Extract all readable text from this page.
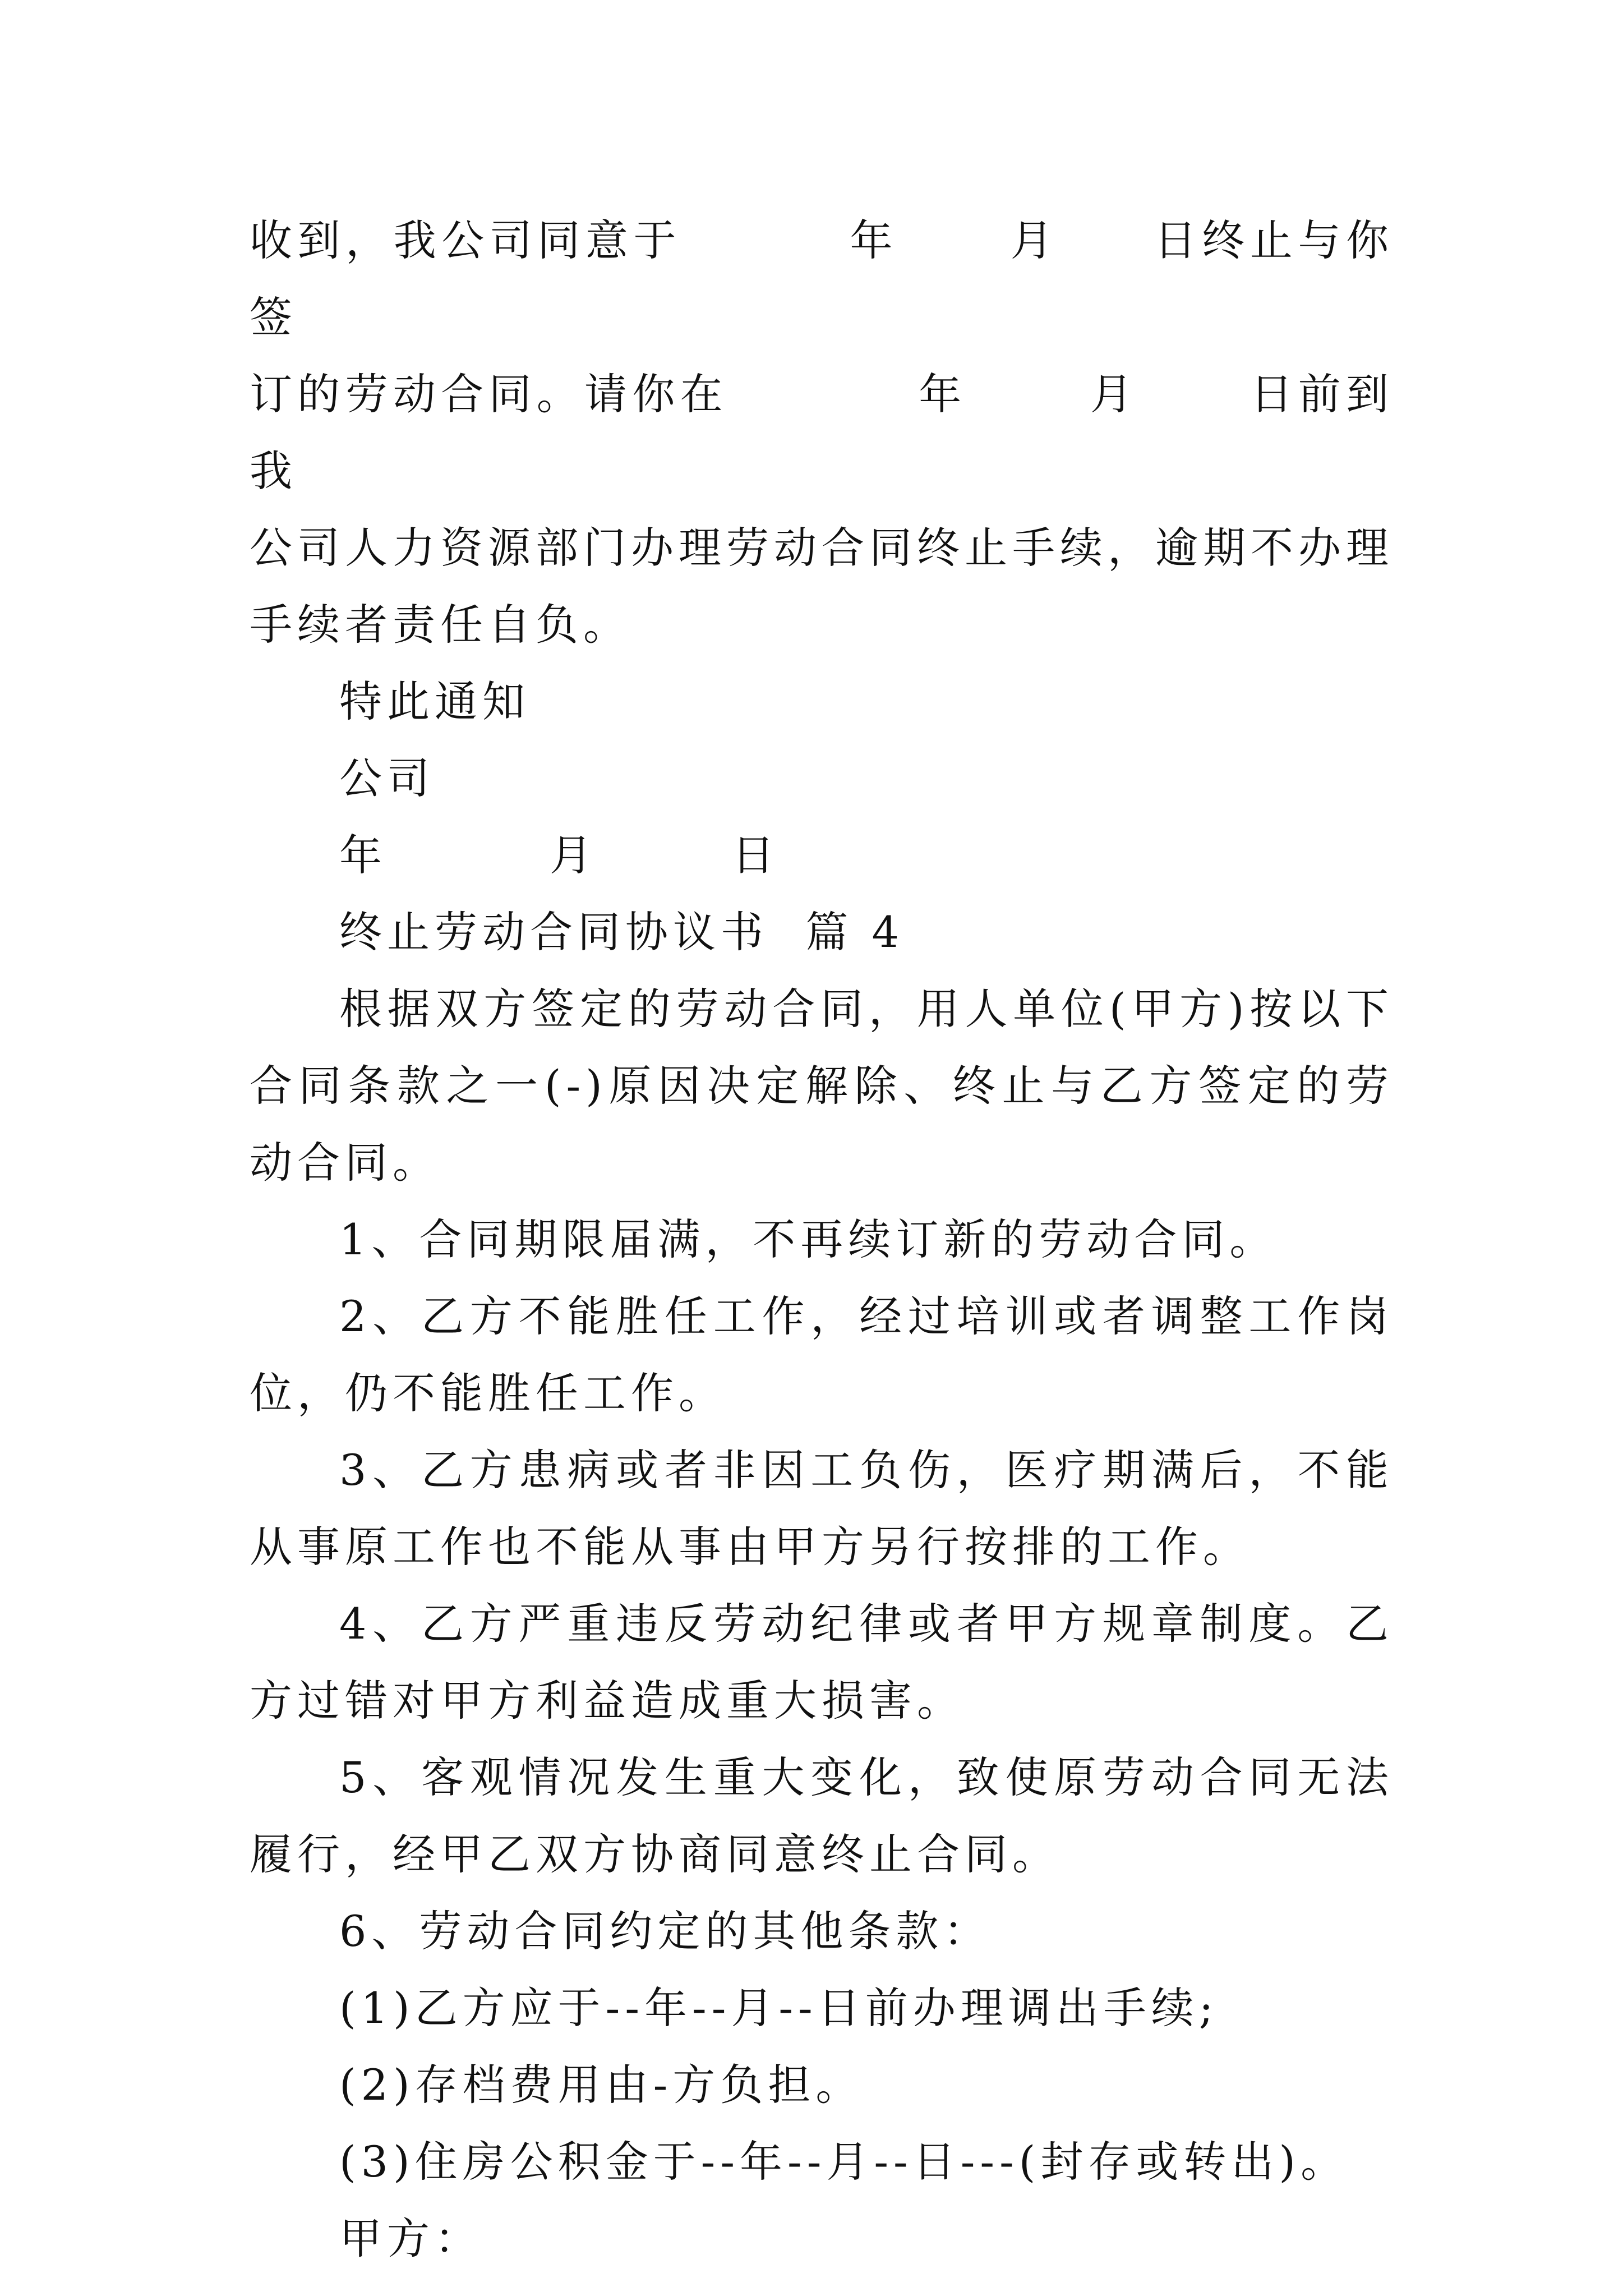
收到，我公司同意于	年	月 日终止与你签
订的劳动合同。请你在	年	月	日前到我
公司人力资源部门办理劳动合同终止手续，逾期不办理手续者责任自负。

特此通知

公司

年	月	日

终止劳动合同协议书  篇 4

根据双方签定的劳动合同，用人单位(甲方)按以下合同条款之一(-)原因决定解除、终止与乙方签定的劳动合同。

1、合同期限届满，不再续订新的劳动合同。

2、乙方不能胜任工作，经过培训或者调整工作岗位，仍不能胜任工作。

3、乙方患病或者非因工负伤，医疗期满后，不能从事原工作也不能从事由甲方另行按排的工作。

4、乙方严重违反劳动纪律或者甲方规章制度。乙方过错对甲方利益造成重大损害。

5、客观情况发生重大变化，致使原劳动合同无法履行，经甲乙双方协商同意终止合同。

6、劳动合同约定的其他条款：

(1)乙方应于--年--月--日前办理调出手续;

(2)存档费用由-方负担。

(3)住房公积金于--年--月--日---(封存或转出)。

甲方：
